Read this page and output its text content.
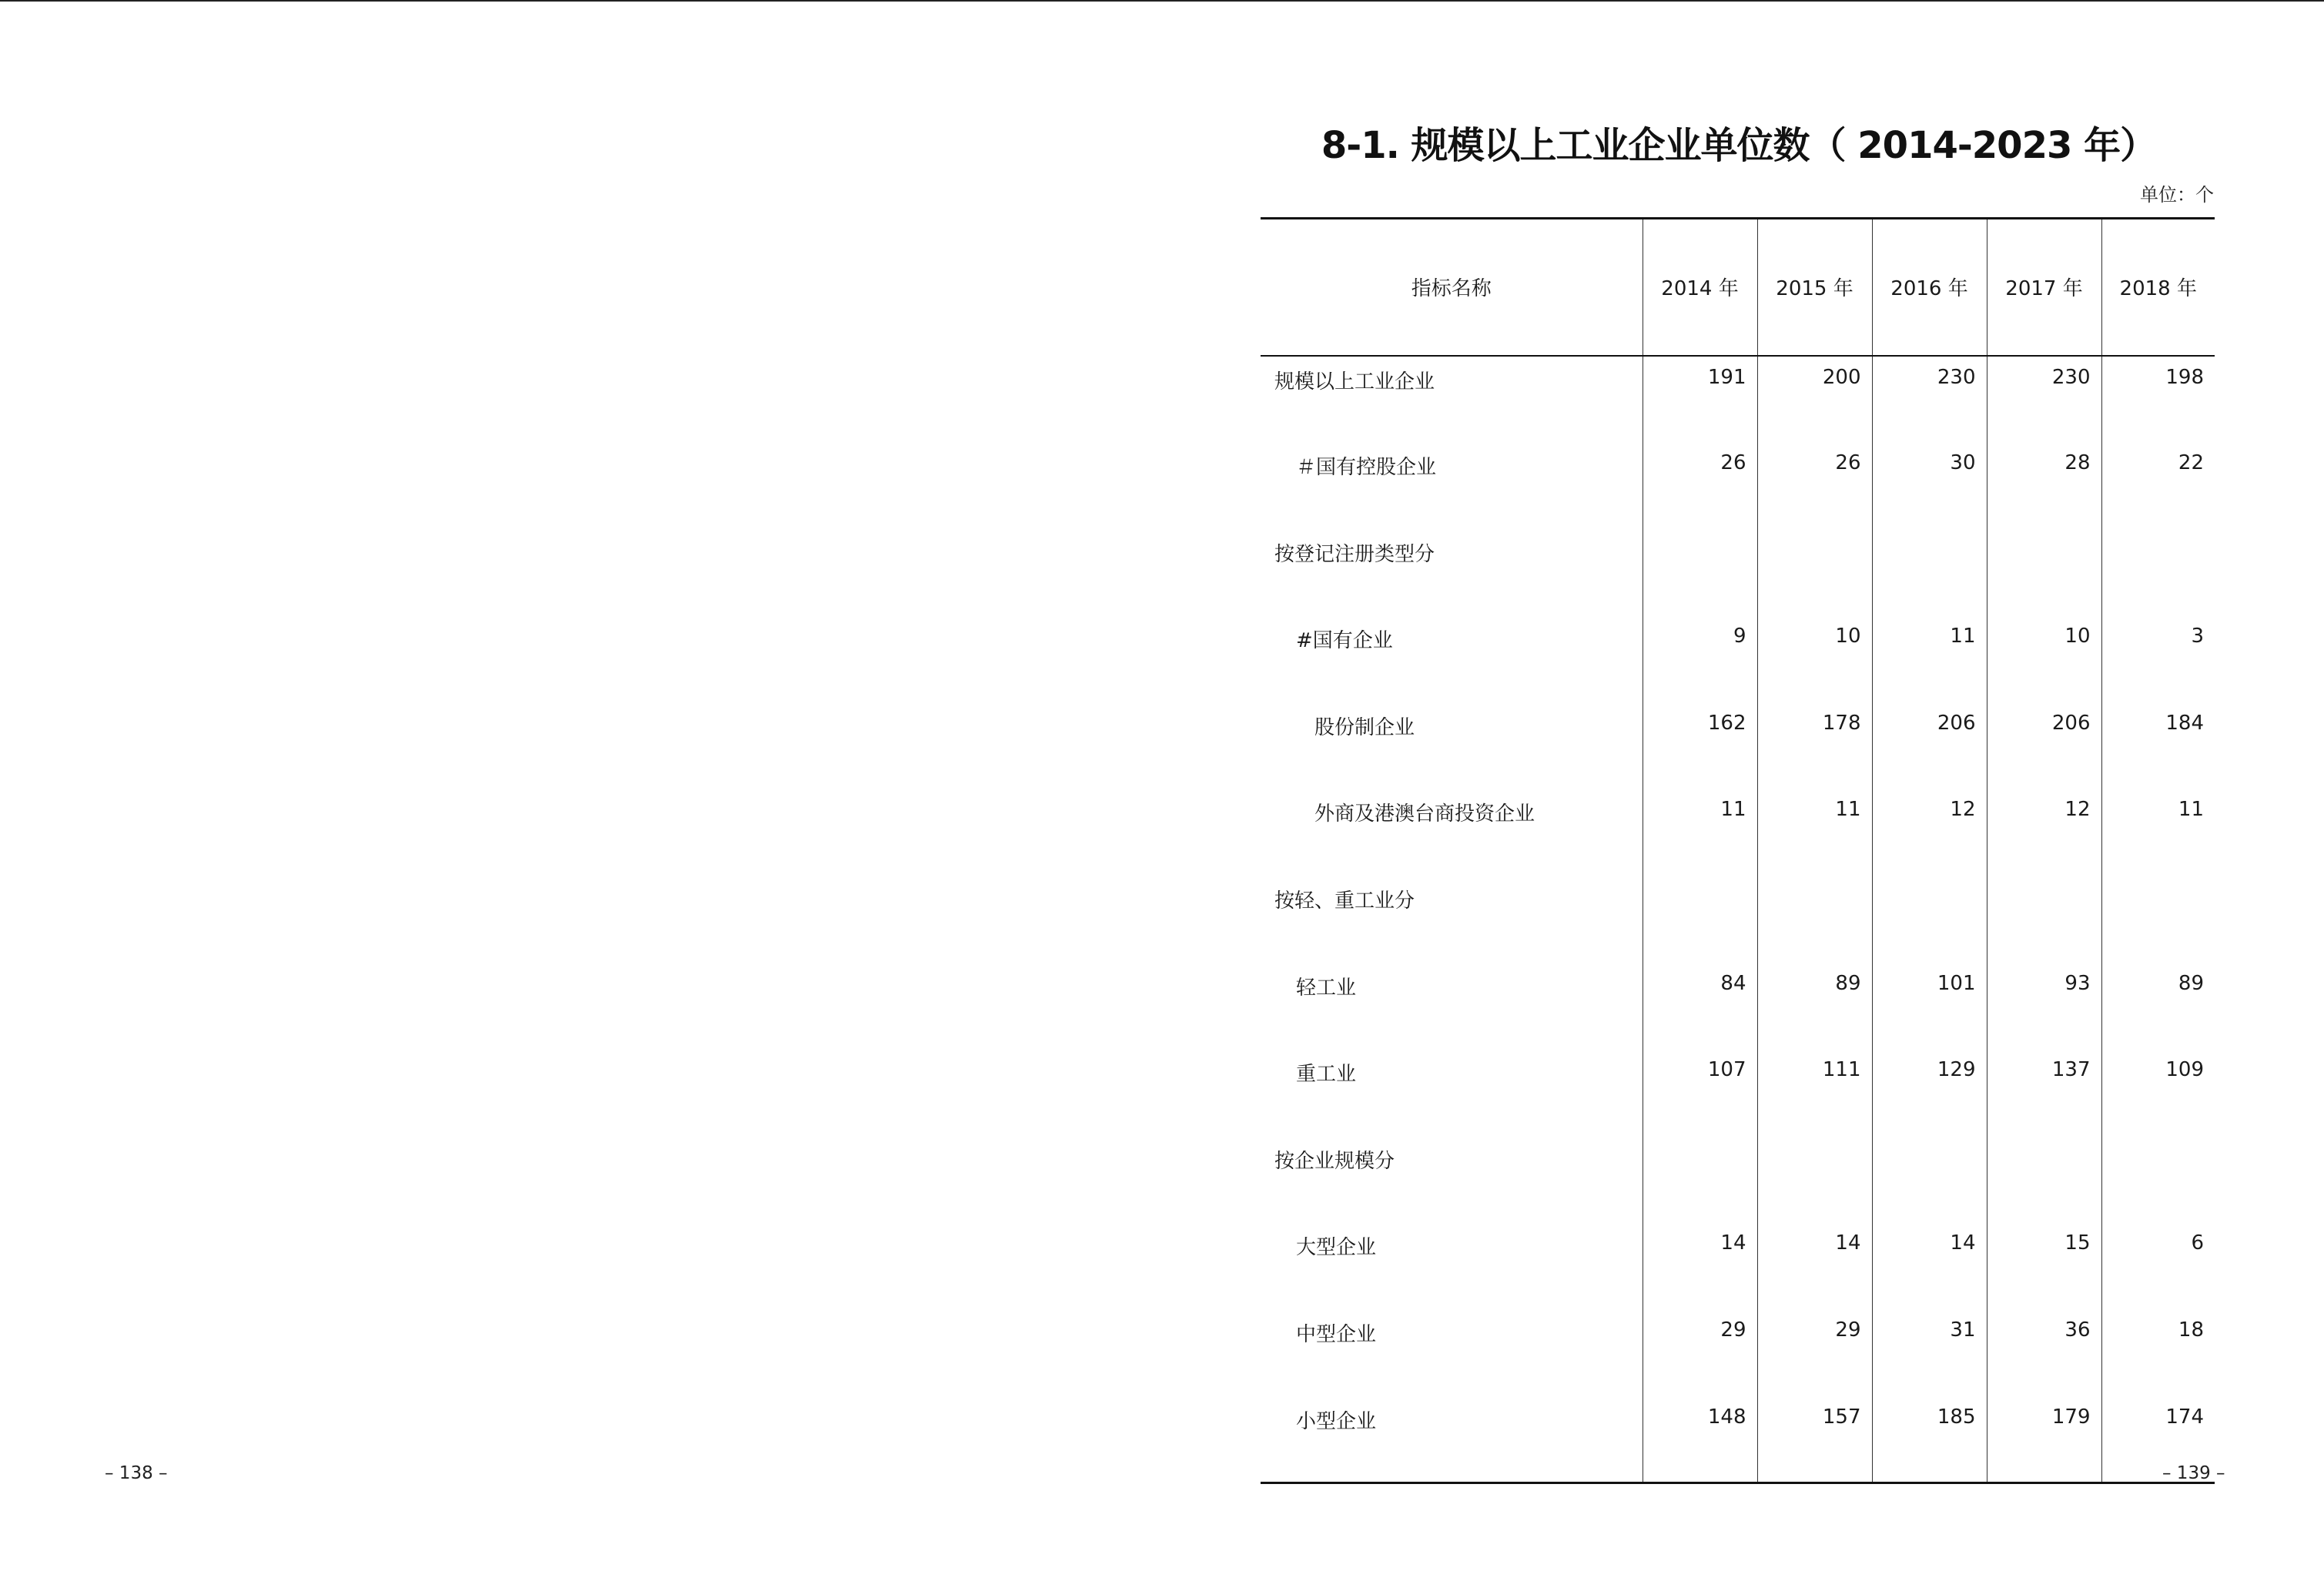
8-1. 规模以上工业企业单位数（ 2014-2023 年）
单位：个
指标名称	2014 年	2015 年	2016 年	2017 年	2018 年
规模以上工业企业	191	200	230	230	198
＃国有控股企业	26	26	30	28	22
按登记注册类型分					
#国有企业	9	10	11	10	3
股份制企业	162	178	206	206	184
外商及港澳台商投资企业	11	11	12	12	11
按轻、重工业分					
轻工业	84	89	101	93	89
重工业	107	111	129	137	109
按企业规模分					
大型企业	14	14	14	15	6
中型企业	29	29	31	36	18
小型企业	148	157	185	179	174
– 138 –	– 139 –
